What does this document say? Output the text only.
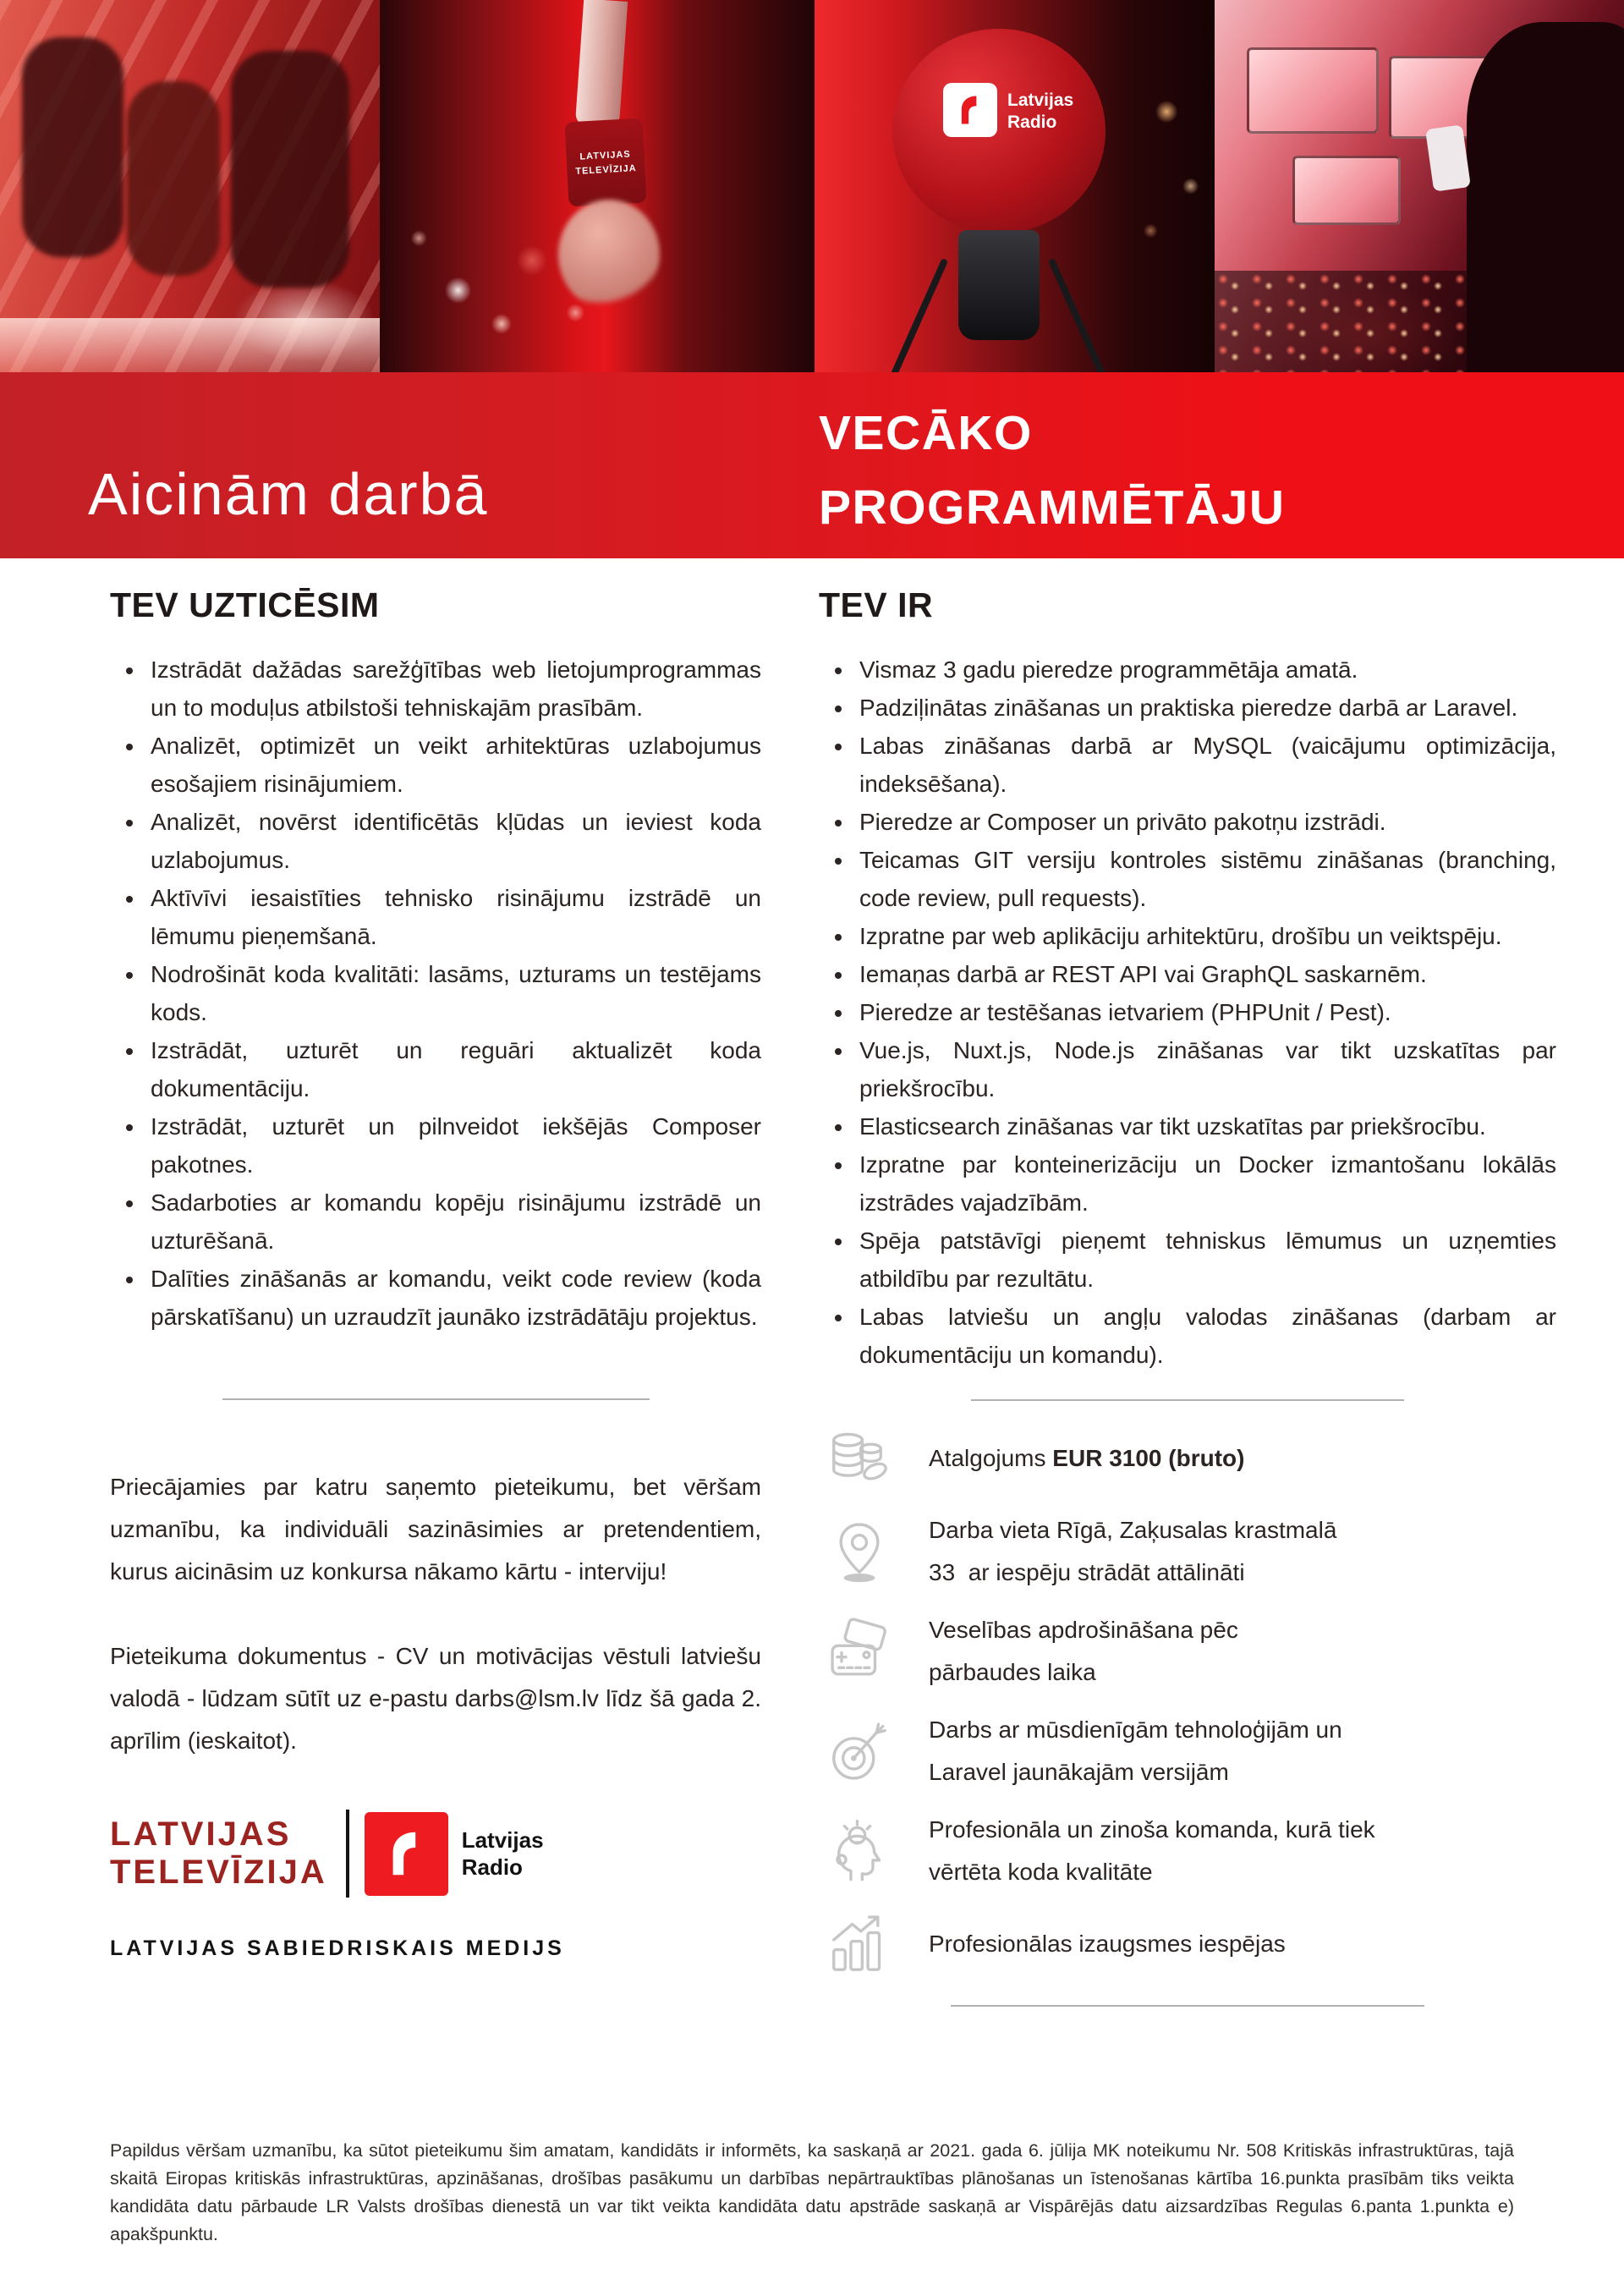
LATVIJAS
TELEVĪZIJA
Latvijas
Radio
Aicinām darbā
VECĀKO
PROGRAMMĒTĀJU
TEV UZTICĒSIM
• Izstrādāt dažādas sarežģītības web lietojumprogrammas un to moduļus atbilstoši tehniskajām prasībām.
• Analizēt, optimizēt un veikt arhitektūras uzlabojumus esošajiem risinājumiem.
• Analizēt, novērst identificētās kļūdas un ieviest koda uzlabojumus.
• Aktīvīvi iesaistīties tehnisko risinājumu izstrādē un lēmumu pieņemšanā.
• Nodrošināt koda kvalitāti: lasāms, uzturams un testējams kods.
• Izstrādāt, uzturēt un reguāri aktualizēt koda dokumentāciju.
• Izstrādāt, uzturēt un pilnveidot iekšējās Composer pakotnes.
• Sadarboties ar komandu kopēju risinājumu izstrādē un uzturēšanā.
• Dalīties zināšanās ar komandu, veikt code review (koda pārskatīšanu) un uzraudzīt jaunāko izstrādātāju projektus.

Priecājamies par katru saņemto pieteikumu, bet vēršam uzmanību, ka individuāli sazināsimies ar pretendentiem, kurus aicināsim uz konkursa nākamo kārtu - interviju!

Pieteikuma dokumentus - CV un motivācijas vēstuli latviešu valodā - lūdzam sūtīt uz e-pastu darbs@lsm.lv līdz šā gada 2. aprīlim (ieskaitot).

LATVIJAS
TELEVĪZIJA
Latvijas
Radio
LATVIJAS SABIEDRISKAIS MEDIJS
TEV IR
• Vismaz 3 gadu pieredze programmētāja amatā.
• Padziļinātas zināšanas un praktiska pieredze darbā ar Laravel.
• Labas zināšanas darbā ar MySQL (vaicājumu optimizācija, indeksēšana).
• Pieredze ar Composer un privāto pakotņu izstrādi.
• Teicamas GIT versiju kontroles sistēmu zināšanas (branching, code review, pull requests).
• Izpratne par web aplikāciju arhitektūru, drošību un veiktspēju.
• Iemaņas darbā ar REST API vai GraphQL saskarnēm.
• Pieredze ar testēšanas ietvariem (PHPUnit / Pest).
• Vue.js, Nuxt.js, Node.js zināšanas var tikt uzskatītas par priekšrocību.
• Elasticsearch zināšanas var tikt uzskatītas par priekšrocību.
• Izpratne par konteinerizāciju un Docker izmantošanu lokālās izstrādes vajadzībām.
• Spēja patstāvīgi pieņemt tehniskus lēmumus un uzņemties atbildību par rezultātu.
• Labas latviešu un angļu valodas zināšanas (darbam ar dokumentāciju un komandu).
Atalgojums EUR 3100 (bruto)
Darba vieta Rīgā, Zaķusalas krastmalā
33  ar iespēju strādāt attālināti
Veselības apdrošināšana pēc
pārbaudes laika
Darbs ar mūsdienīgām tehnoloģijām un
Laravel jaunākajām versijām
Profesionāla un zinoša komanda, kurā tiek
vērtēta koda kvalitāte
Profesionālas izaugsmes iespējas
Papildus vēršam uzmanību, ka sūtot pieteikumu šim amatam, kandidāts ir informēts, ka saskaņā ar 2021. gada 6. jūlija MK noteikumu Nr. 508 Kritiskās infrastruktūras, tajā skaitā Eiropas kritiskās infrastruktūras, apzināšanas, drošības pasākumu un darbības nepārtrauktības plānošanas un īstenošanas kārtība 16.punkta prasībām tiks veikta kandidāta datu pārbaude LR Valsts drošības dienestā un var tikt veikta kandidāta datu apstrāde saskaņā ar Vispārējās datu aizsardzības Regulas 6.panta 1.punkta e) apakšpunktu.
